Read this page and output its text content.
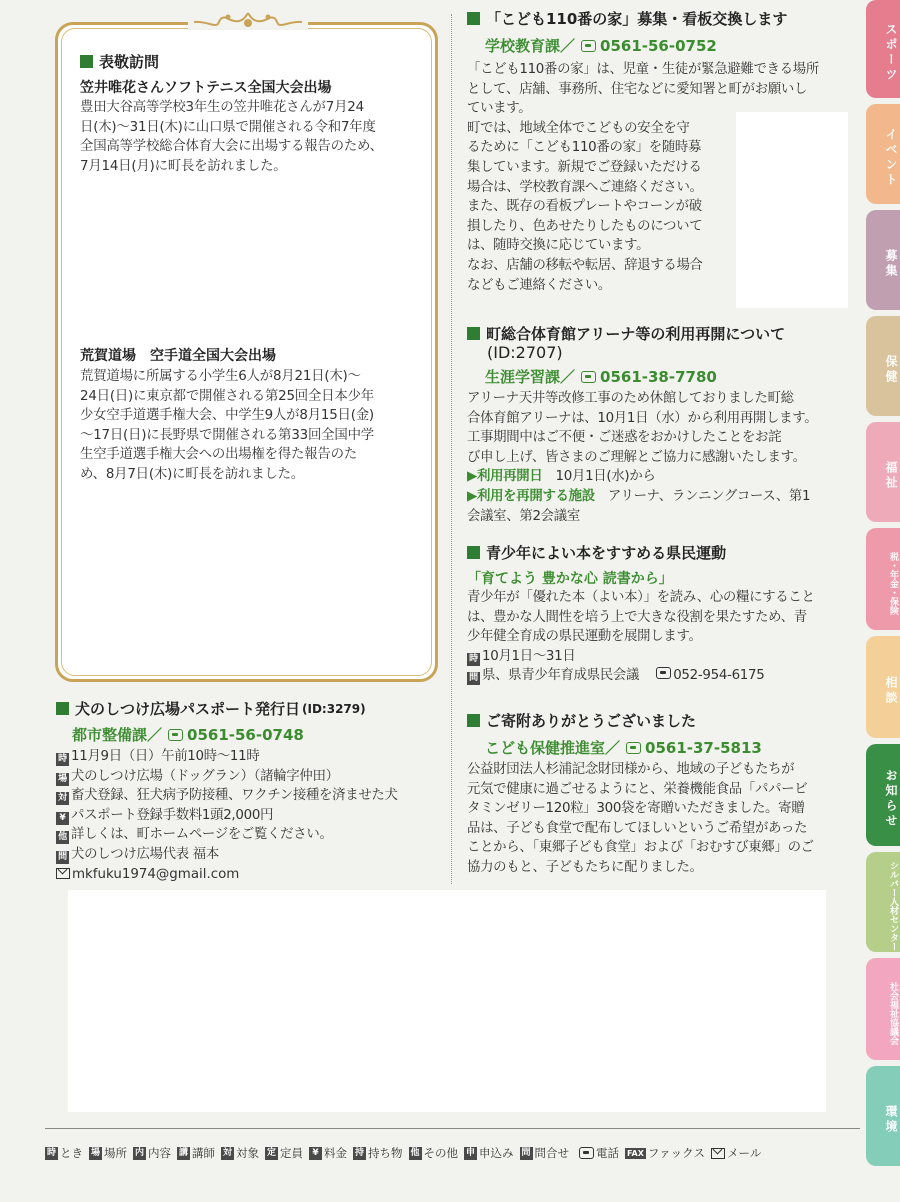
スポーツ
イベント
募集
保健
福祉
税・年金・保険
相談
お知らせ
シルバー人材センター
社会福祉協議会
環境
表敬訪問
笠井唯花さんソフトテニス全国大会出場
豊田大谷高等学校3年生の笠井唯花さんが7月24
日(木)～31日(木)に山口県で開催される令和7年度
全国高等学校総合体育大会に出場する報告のため、
7月14日(月)に町長を訪れました。
荒賀道場　空手道全国大会出場
荒賀道場に所属する小学生6人が8月21日(木)～
24日(日)に東京都で開催される第25回全日本少年
少女空手道選手権大会、中学生9人が8月15日(金)
～17日(日)に長野県で開催される第33回全国中学
生空手道選手権大会への出場権を得た報告のた
め、8月7日(木)に町長を訪れました。
犬のしつけ広場パスポート発行日 (ID:3279)
都市整備課／ 0561-56-0748
時 11月9日（日）午前10時～11時
場 犬のしつけ広場（ドッグラン）（諸輪字仲田）
対 畜犬登録、狂犬病予防接種、ワクチン接種を済ませた犬
¥ パスポート登録手数料1頭2,000円
他 詳しくは、町ホームページをご覧ください。
問 犬のしつけ広場代表 福本
mkfuku1974@gmail.com
「こども110番の家」募集・看板交換します
学校教育課／ 0561-56-0752
「こども110番の家」は、児童・生徒が緊急避難できる場所
として、店舗、事務所、住宅などに愛知署と町がお願いし
ています。
町では、地域全体でこどもの安全を守
るために「こども110番の家」を随時募
集しています。新規でご登録いただける
場合は、学校教育課へご連絡ください。
また、既存の看板プレートやコーンが破
損したり、色あせたりしたものについて
は、随時交換に応じています。
なお、店舗の移転や転居、辞退する場合
などもご連絡ください。
町総合体育館アリーナ等の利用再開について
(ID:2707)
生涯学習課／ 0561-38-7780
アリーナ天井等改修工事のため休館しておりました町総
合体育館アリーナは、10月1日（水）から利用再開します。
工事期間中はご不便・ご迷惑をおかけしたことをお詫
び申し上げ、皆さまのご理解とご協力に感謝いたします。
▶利用再開日　 10月1日(水)から
▶利用を再開する施設　 アリーナ、ランニングコース、第1
会議室、第2会議室
青少年によい本をすすめる県民運動
「育てよう 豊かな心 読書から」
青少年が「優れた本（よい本）」を読み、心の糧にすること
は、豊かな人間性を培う上で大きな役割を果たすため、青
少年健全育成の県民運動を展開します。
時 10月1日～31日
問 県、県青少年育成県民会議　	052-954-6175
ご寄附ありがとうございました
こども保健推進室／ 0561-37-5813
公益財団法人杉浦記念財団様から、地域の子どもたちが
元気で健康に過ごせるようにと、栄養機能食品「パパービ
タミンゼリー120粒」300袋を寄贈いただきました。寄贈
品は、子ども食堂で配布してほしいというご希望があった
ことから、「東郷子ども食堂」および「おむすび東郷」のご
協力のもと、子どもたちに配りました。
時 とき 場 場所 内 内容 講 講師 対 対象 定 定員	¥ 料金 持 持ち物 他 その他 申 申込み 問 問合せ 電話 FAX ファックス メール
